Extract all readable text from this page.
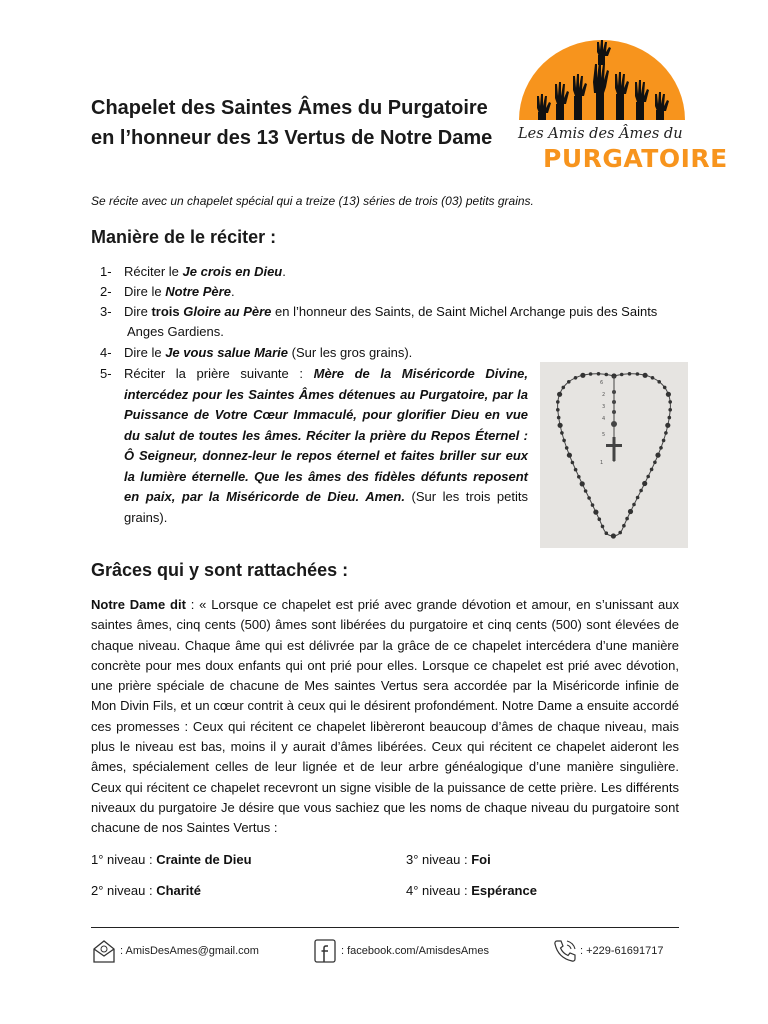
Chapelet des Saintes Âmes du Purgatoire
en l’honneur des 13 Vertus de Notre Dame	Les Amis des Âmes du
PURGATOIRE
Se récite avec un chapelet spécial qui a treize (13) séries de trois (03) petits grains.
Manière de le réciter :
1- Réciter le Je crois en Dieu.
2- Dire le Notre Père.
3- Dire trois Gloire au Père en l’honneur des Saints, de Saint Michel Archange puis des Saints
Anges Gardiens.
4- Dire le Je vous salue Marie (Sur les gros grains).
5- Réciter la prière suivante : Mère de la Miséricorde Divine, intercédez pour les Saintes Âmes détenues au Purgatoire, par la Puissance de Votre Cœur Immaculé, pour glorifier Dieu en vue du salut de toutes les âmes. Réciter la prière du Repos Éternel : Ô Seigneur, donnez-leur le repos éternel et faites briller sur eux la lumière éternelle. Que les âmes des fidèles défunts reposent en paix, par la Miséricorde de Dieu. Amen. (Sur les trois petits grains).
6
2
3
4
5
1
Grâces qui y sont rattachées :
Notre Dame dit : « Lorsque ce chapelet est prié avec grande dévotion et amour, en s’unissant aux saintes âmes, cinq cents (500) âmes sont libérées du purgatoire et cinq cents (500) sont élevées de chaque niveau. Chaque âme qui est délivrée par la grâce de ce chapelet intercédera d’une manière concrète pour mes doux enfants qui ont prié pour elles. Lorsque ce chapelet est prié avec dévotion, une prière spéciale de chacune de Mes saintes Vertus sera accordée par la Miséricorde infinie de Mon Divin Fils, et un cœur contrit à ceux qui le désirent profondément. Notre Dame a ensuite accordé ces promesses : Ceux qui récitent ce chapelet libèreront beaucoup d’âmes de chaque niveau, mais plus le niveau est bas, moins il y aurait d’âmes libérées. Ceux qui récitent ce chapelet aideront les âmes, spécialement celles de leur lignée et de leur arbre généalogique d’une manière singulière. Ceux qui récitent ce chapelet recevront un signe visible de la puissance de cette prière. Les différents niveaux du purgatoire Je désire que vous sachiez que les noms de chaque niveau du purgatoire sont chacune de nos Saintes Vertus :
1° niveau : Crainte de Dieu	3° niveau : Foi
2° niveau : Charité	4° niveau : Espérance
: AmisDesAmes@gmail.com	: facebook.com/AmisdesAmes	: +229-61691717
